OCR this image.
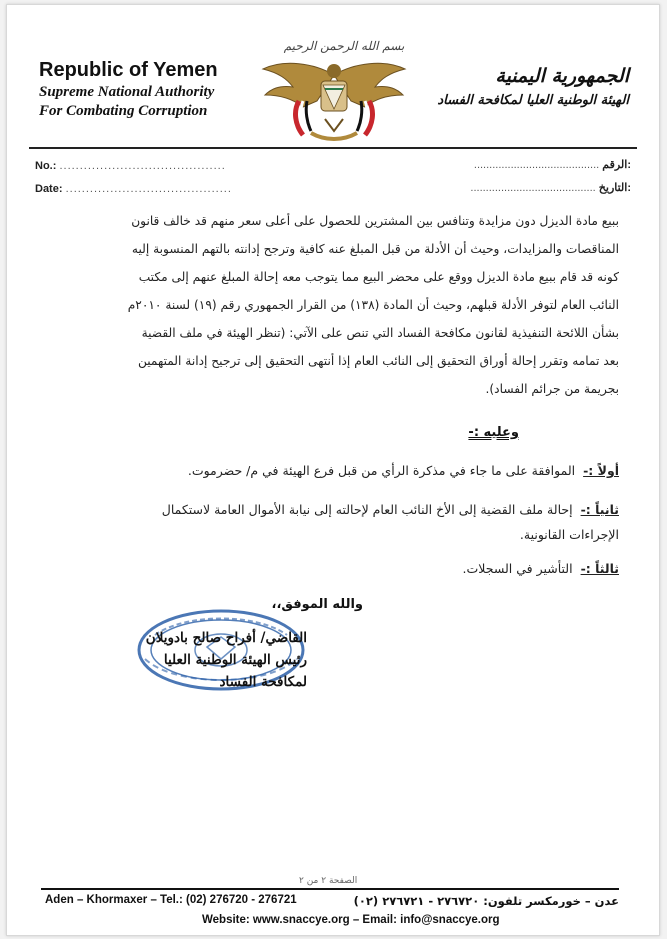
Republic of Yemen
Supreme National Authority
For Combating Corruption
بسم الله الرحمن الرحيم
الجمهورية اليمنية
الهيئة الوطنية العليا لمكافحة الفساد
No.: .........................................
Date: .........................................
:الرقم .........................................
:التاريخ .........................................

ببيع مادة الديزل دون مزايدة وتنافس بين المشترين للحصول على أعلى سعر منهم قد خالف قانون

المناقصات والمزايدات، وحيث أن الأدلة من قبل المبلغ عنه كافية وترجح إدانته بالتهم المنسوبة إليه

كونه قد قام ببيع مادة الديزل ووقع على محضر البيع مما يتوجب معه إحالة المبلغ عنهم إلى مكتب

النائب العام لتوفر الأدلة قبلهم، وحيث أن المادة (١٣٨) من القرار الجمهوري رقم (١٩) لسنة ٢٠١٠م

بشأن اللائحة التنفيذية لقانون مكافحة الفساد التي تنص على الآتي: (تنظر الهيئة في ملف القضية

بعد تمامه وتقرر إحالة أوراق التحقيق إلى النائب العام إذا أنتهى التحقيق إلى ترجيح إدانة المتهمين

بجريمة من جرائم الفساد).

وعليه :-
أولاً :- الموافقة على ما جاء في مذكرة الرأي من قبل فرع الهيئة في م/ حضرموت.
ثانياً :- إحالة ملف القضية إلى الأخ النائب العام لإحالته إلى نيابة الأموال العامة لاستكمال
الإجراءات القانونية.
ثالثاً :- التأشير في السجلات.
والله الموفق،،
القاضي/ أفراح صالح بادويلان
رئيس الهيئة الوطنية العليا
لمكافحة الفساد
الصفحة ٢ من ٢
Aden – Khormaxer – Tel.: (02) 276720 - 276721	عدن – خورمكسر تلفون: ٢٧٦٧٢٠ - ٢٧٦٧٢١ (٠٢)
Website: www.snaccye.org – Email: info@snaccye.org
